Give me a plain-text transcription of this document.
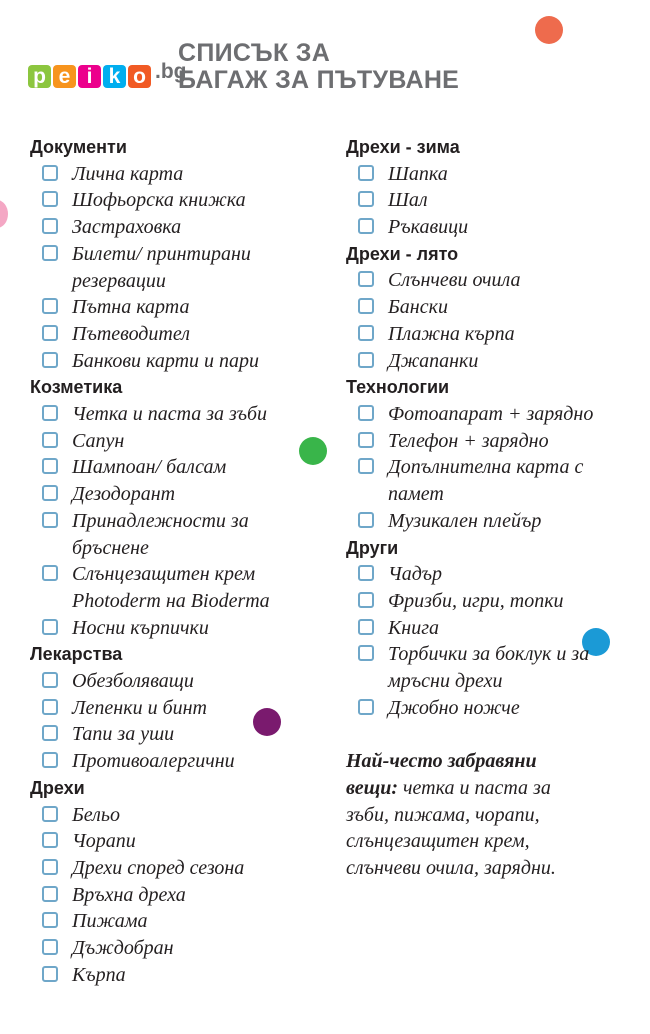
p e i k o .bg
СПИСЪК ЗА
БАГАЖ ЗА ПЪТУВАНЕ
Документи
Лична карта
Шофьорска книжка
Застраховка
Билети/ принтирани резервации
Пътна карта
Пътеводител
Банкови карти и пари
Козметика
Четка и паста за зъби
Сапун
Шампоан/ балсам
Дезодорант
Принадлежности за бръснене
Слънцезащитен крем Photoderm на Bioderma
Носни кърпички
Лекарства
Обезболяващи
Лепенки и бинт
Тапи за уши
Противоалергични
Дрехи
Бельо
Чорапи
Дрехи според сезона
Връхна дреха
Пижама
Дъждобран
Кърпа
Дрехи - зима
Шапка
Шал
Ръкавици
Дрехи - лято
Слънчеви очила
Бански
Плажна кърпа
Джапанки
Технологии
Фотоапарат + зарядно
Телефон + зарядно
Допълнителна карта с памет
Музикален плейър
Други
Чадър
Фризби, игри, топки
Книга
Торбички за боклук и за мръсни дрехи
Джобно ножче
Най-често забравяни вещи: четка и паста за зъби, пижама, чорапи, слънцезащитен крем, слънчеви очила, зарядни.
